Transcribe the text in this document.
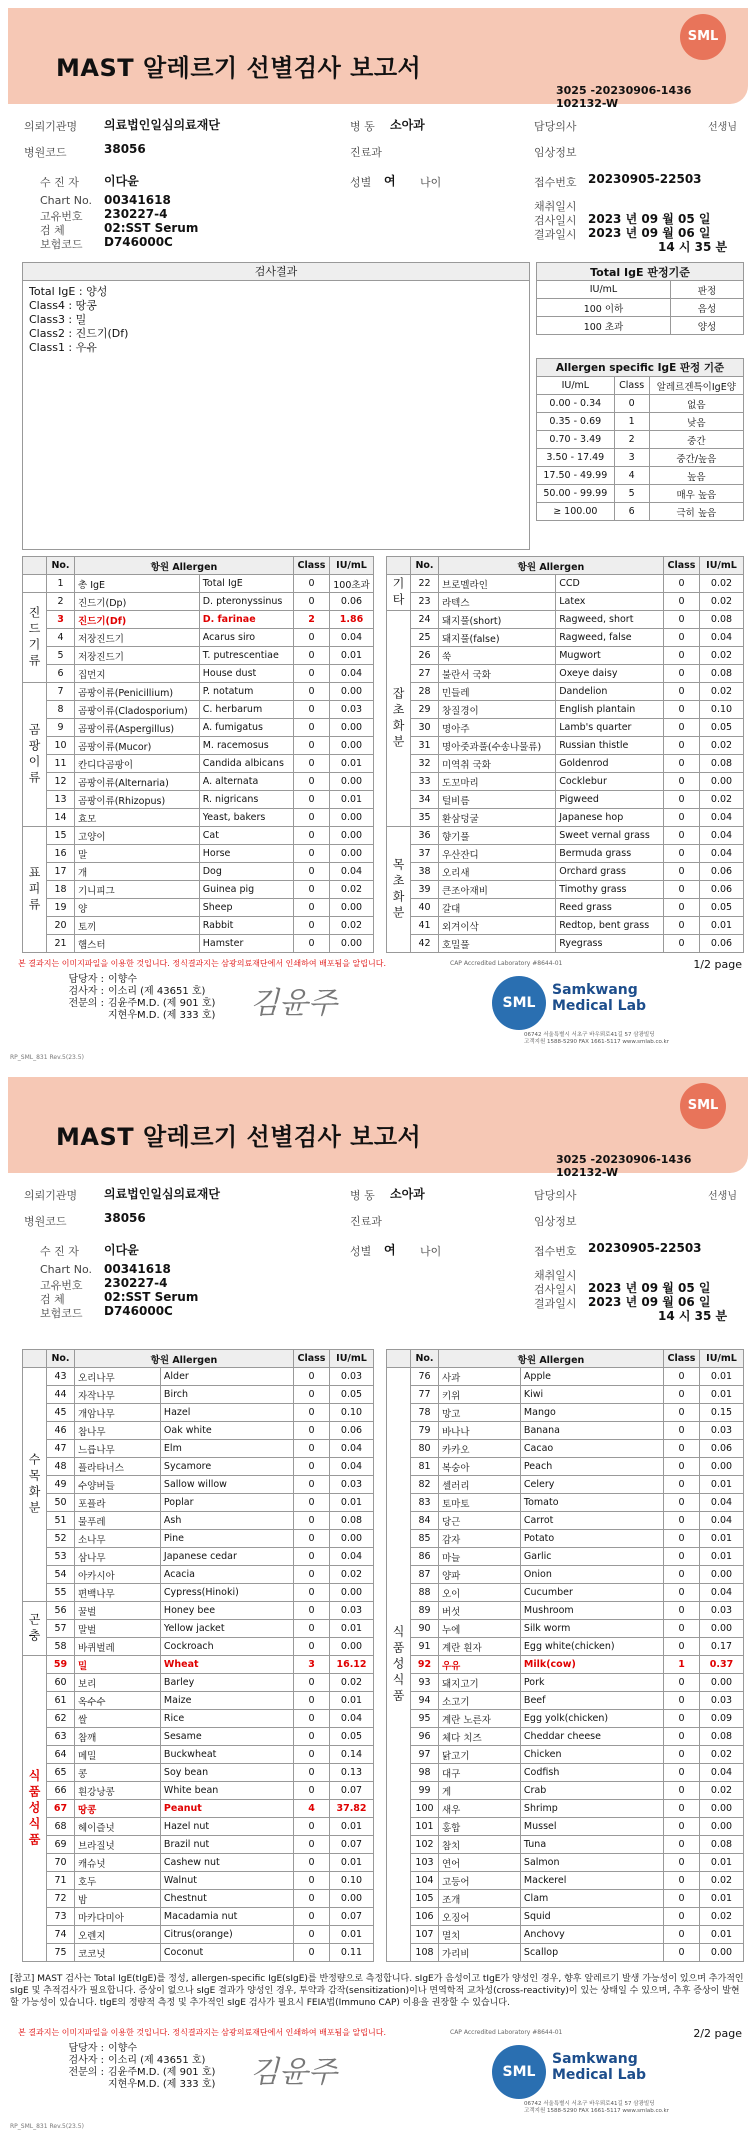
MAST 알레르기 선별검사 보고서
SML
3025 -20230906-1436
102132-W
의뢰기관명 의료법인일심의료재단	병 동 소아과	담당의사	선생님
병원코드	38056	진료과	임상정보
수 진 자 이다윤	성별 여 나이	접수번호 20230905-22503
Chart No. 00341618
고유번호 230227-4
검 체	02:SST Serum
보험코드 D746000C
채취일시
검사일시
결과일시
2023 년 09 월 05 일
2023 년 09 월 06 일
14 시 35 분
검사결과
Total IgE : 양성
Class4 : 땅콩
Class3 : 밀
Class2 : 진드기(Df)
Class1 : 우유
Total IgE 판정기준	
IU/mL	판정
100 이하	음성
100 초과	양성
Allergen specific IgE 판정 기준		
IU/mL	Class	알레르겐특이IgE양
0.00 - 0.34	0	없음
0.35 - 0.69	1	낮음
0.70 - 3.49	2	중간
3.50 - 17.49	3	중간/높음
17.50 - 49.99	4	높음
50.00 - 99.99	5	매우 높음
≥ 100.00	6	극히 높음
	No.	항원 Allergen		Class	IU/mL
	1	총 IgE	Total IgE	0	100초과
진드기류	2	진드기(Dp)	D. pteronyssinus	0	0.06
	3	진드기(Df)	D. farinae	2	1.86
	4	저장진드기	Acarus siro	0	0.04
	5	저장진드기	T. putrescentiae	0	0.01
	6	집먼지	House dust	0	0.04
곰팡이류	7	곰팡이류(Penicillium)	P. notatum	0	0.00
	8	곰팡이류(Cladosporium)	C. herbarum	0	0.03
	9	곰팡이류(Aspergillus)	A. fumigatus	0	0.00
	10	곰팡이류(Mucor)	M. racemosus	0	0.00
	11	칸디다곰팡이	Candida albicans	0	0.01
	12	곰팡이류(Alternaria)	A. alternata	0	0.00
	13	곰팡이류(Rhizopus)	R. nigricans	0	0.01
	14	효모	Yeast, bakers	0	0.00
표피류	15	고양이	Cat	0	0.00
	16	말	Horse	0	0.00
	17	개	Dog	0	0.04
	18	기니피그	Guinea pig	0	0.02
	19	양	Sheep	0	0.00
	20	토끼	Rabbit	0	0.02
	21	햄스터	Hamster	0	0.00
	No.	항원 Allergen		Class	IU/mL
기타	22	브로멜라인	CCD	0	0.02
	23	라텍스	Latex	0	0.02
잡초화분	24	돼지풀(short)	Ragweed, short	0	0.08
	25	돼지풀(false)	Ragweed, false	0	0.04
	26	쑥	Mugwort	0	0.02
	27	불란서 국화	Oxeye daisy	0	0.08
	28	민들레	Dandelion	0	0.02
	29	창질경이	English plantain	0	0.10
	30	명아주	Lamb's quarter	0	0.05
	31	명아줏과풀(수송나물류)	Russian thistle	0	0.02
	32	미역취 국화	Goldenrod	0	0.08
	33	도꼬마리	Cocklebur	0	0.00
	34	털비름	Pigweed	0	0.02
	35	환삼덩굴	Japanese hop	0	0.04
목초화분	36	향기풀	Sweet vernal grass	0	0.04
	37	우산잔디	Bermuda grass	0	0.04
	38	오리새	Orchard grass	0	0.06
	39	큰조아재비	Timothy grass	0	0.06
	40	갈대	Reed grass	0	0.05
	41	외겨이삭	Redtop, bent grass	0	0.01
	42	호밀풀	Ryegrass	0	0.06
본 결과지는 이미지파일을 이용한 것입니다. 정식결과지는 삼광의료재단에서 인쇄하여 배포됨을 알립니다.	CAP Accredited Laboratory #8644-01	1/2 page
담당자 :
검사자 :
전문의 :

이향수
이소리 (제 43651 호)
김윤주M.D. (제 901 호)
지현우M.D. (제 333 호) 김윤주	SML
Samkwang
Medical Lab
06742 서울특별시 서초구 바우뫼로41길 57 삼광빌딩
고객지원 1588-5290 FAX 1661-5117 www.smlab.co.kr
RP_SML_831 Rev.5(23.5)
MAST 알레르기 선별검사 보고서
SML
3025 -20230906-1436
102132-W
의뢰기관명 의료법인일심의료재단	병 동 소아과	담당의사	선생님
병원코드	38056	진료과	임상정보
수 진 자 이다윤	성별 여 나이	접수번호 20230905-22503
Chart No. 00341618
고유번호 230227-4
검 체	02:SST Serum
보험코드 D746000C
채취일시
검사일시
결과일시
2023 년 09 월 05 일
2023 년 09 월 06 일
14 시 35 분
	No.	항원 Allergen		Class	IU/mL
수목화분	43	오리나무	Alder	0	0.03
	44	자작나무	Birch	0	0.05
	45	개암나무	Hazel	0	0.10
	46	참나무	Oak white	0	0.06
	47	느릅나무	Elm	0	0.04
	48	플라타너스	Sycamore	0	0.04
	49	수양버들	Sallow willow	0	0.03
	50	포플라	Poplar	0	0.01
	51	물푸레	Ash	0	0.08
	52	소나무	Pine	0	0.00
	53	삼나무	Japanese cedar	0	0.04
	54	아카시아	Acacia	0	0.02
	55	편백나무	Cypress(Hinoki)	0	0.00
곤충	56	꿀벌	Honey bee	0	0.03
	57	말벌	Yellow jacket	0	0.01
	58	바퀴벌레	Cockroach	0	0.00
식품성식품	59	밀	Wheat	3	16.12
	60	보리	Barley	0	0.02
	61	옥수수	Maize	0	0.01
	62	쌀	Rice	0	0.04
	63	참깨	Sesame	0	0.05
	64	메밀	Buckwheat	0	0.14
	65	콩	Soy bean	0	0.13
	66	흰강낭콩	White bean	0	0.07
	67	땅콩	Peanut	4	37.82
	68	헤이즐넛	Hazel nut	0	0.01
	69	브라질넛	Brazil nut	0	0.07
	70	캐슈넛	Cashew nut	0	0.01
	71	호두	Walnut	0	0.10
	72	밤	Chestnut	0	0.00
	73	마카다미아	Macadamia nut	0	0.07
	74	오렌지	Citrus(orange)	0	0.01
	75	코코넛	Coconut	0	0.11
	No.	항원 Allergen		Class	IU/mL
식품성식품	76	사과	Apple	0	0.01
	77	키위	Kiwi	0	0.01
	78	망고	Mango	0	0.15
	79	바나나	Banana	0	0.03
	80	카카오	Cacao	0	0.06
	81	복숭아	Peach	0	0.00
	82	셀러리	Celery	0	0.01
	83	토마토	Tomato	0	0.04
	84	당근	Carrot	0	0.04
	85	감자	Potato	0	0.01
	86	마늘	Garlic	0	0.01
	87	양파	Onion	0	0.00
	88	오이	Cucumber	0	0.04
	89	버섯	Mushroom	0	0.03
	90	누에	Silk worm	0	0.00
	91	계란 흰자	Egg white(chicken)	0	0.17
	92	우유	Milk(cow)	1	0.37
	93	돼지고기	Pork	0	0.00
	94	소고기	Beef	0	0.03
	95	계란 노른자	Egg yolk(chicken)	0	0.09
	96	체다 치즈	Cheddar cheese	0	0.08
	97	닭고기	Chicken	0	0.02
	98	대구	Codfish	0	0.04
	99	게	Crab	0	0.02
	100	새우	Shrimp	0	0.00
	101	홍합	Mussel	0	0.00
	102	참치	Tuna	0	0.08
	103	연어	Salmon	0	0.01
	104	고등어	Mackerel	0	0.02
	105	조개	Clam	0	0.01
	106	오징어	Squid	0	0.02
	107	멸치	Anchovy	0	0.01
	108	가리비	Scallop	0	0.00
[참고] MAST 검사는 Total IgE(tIgE)를 정성, allergen-specific IgE(sIgE)를 반정량으로 측정합니다. sIgE가 음성이고 tIgE가 양성인 경우, 향후 알레르기 발생 가능성이 있으며 추가적인 sIgE 및 추적검사가 필요합니다. 증상이 없으나 sIgE 결과가 양성인 경우, 투약과 감작(sensitization)이나 면역학적 교차성(cross-reactivity)이 있는 상태일 수 있으며, 추후 증상이 발현할 가능성이 있습니다. tIgE의 정량적 측정 및 추가적인 sIgE 검사가 필요시 FEIA법(Immuno CAP) 이용을 권장할 수 있습니다.
본 결과지는 이미지파일을 이용한 것입니다. 정식결과지는 삼광의료재단에서 인쇄하여 배포됨을 알립니다.	CAP Accredited Laboratory #8644-01	2/2 page
담당자 :
검사자 :
전문의 :

이향수
이소리 (제 43651 호)
김윤주M.D. (제 901 호)
지현우M.D. (제 333 호) 김윤주	SML
Samkwang
Medical Lab
06742 서울특별시 서초구 바우뫼로41길 57 삼광빌딩
고객지원 1588-5290 FAX 1661-5117 www.smlab.co.kr
RP_SML_831 Rev.5(23.5)
